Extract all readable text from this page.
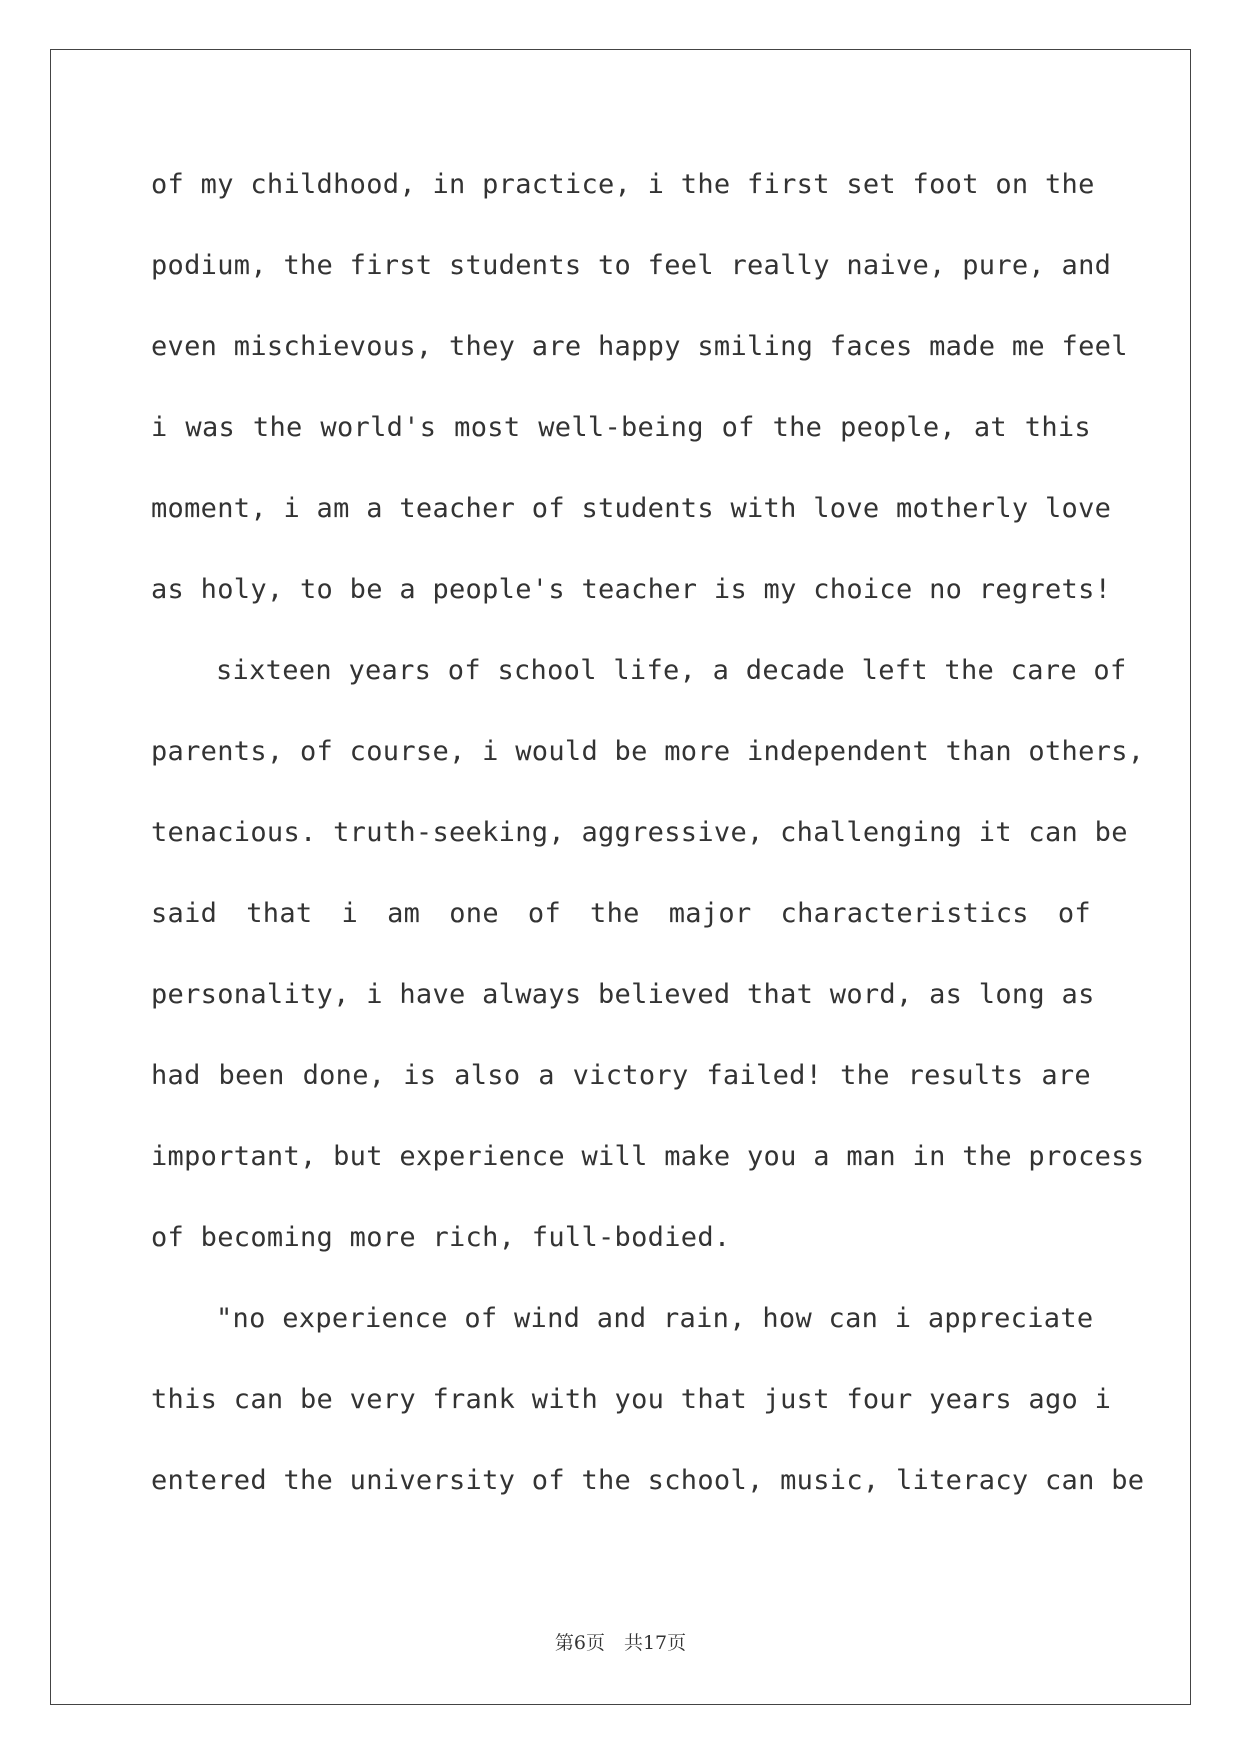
of my childhood, in practice, i the first set foot on the
podium, the first students to feel really naive, pure, and
even mischievous, they are happy smiling faces made me feel
i was the world's most well-being of the people, at this
moment, i am a teacher of students with love motherly love
as holy, to be a people's teacher is my choice no regrets!
sixteen years of school life, a decade left the care of
parents, of course, i would be more independent than others,
tenacious. truth-seeking, aggressive, challenging it can be
said that i am one of the major characteristics of
personality, i have always believed that word, as long as
had been done, is also a victory failed! the results are
important, but experience will make you a man in the process
of becoming more rich, full-bodied.
"no experience of wind and rain, how can i appreciate
this can be very frank with you that just four years ago i
entered the university of the school, music, literacy can be
第6页　共17页
